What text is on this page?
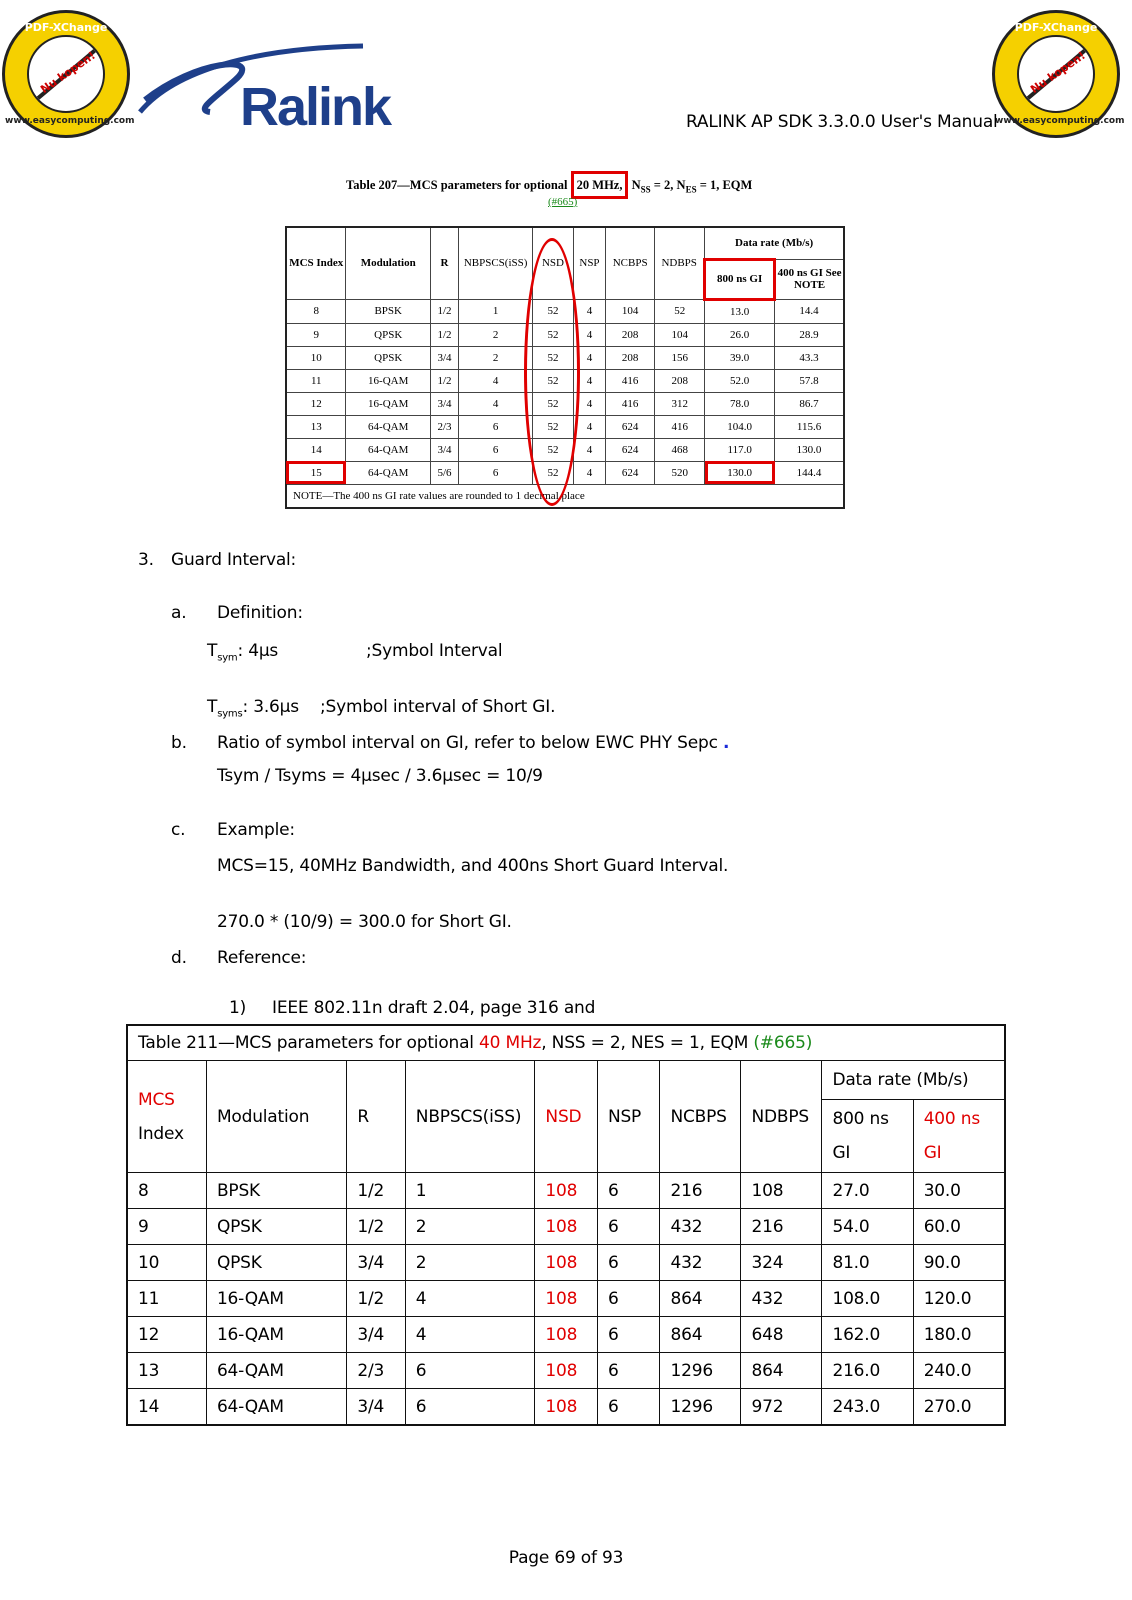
PDF-XChange
Nu kopen!
www.easycomputing.com
PDF-XChange
Nu kopen!
www.easycomputing.com
Ralink	RALINK AP SDK 3.3.0.0 User's Manual
Table 207—MCS parameters for optional 20 MHz, $N_{SS} = 2$, $N_{ES} = 1$, EQM
(#665)
MCS Index	Modulation	R	NBPSCS(iSS)	NSD	NSP	NCBPS	NDBPS	Data rate (Mb/s)	
								800 ns GI	400 ns GI See NOTE
8	BPSK	1/2	1	52	4	104	52	13.0	14.4
9	QPSK	1/2	2	52	4	208	104	26.0	28.9
10	QPSK	3/4	2	52	4	208	156	39.0	43.3
11	16-QAM	1/2	4	52	4	416	208	52.0	57.8
12	16-QAM	3/4	4	52	4	416	312	78.0	86.7
13	64-QAM	2/3	6	52	4	624	416	104.0	115.6
14	64-QAM	3/4	6	52	4	624	468	117.0	130.0
15	64-QAM	5/6	6	52	4	624	520	130.0	144.4
NOTE—The 400 ns GI rate values are rounded to 1 decimal place									
3. Guard Interval:
a. Definition:
$T_{sym}$: 4µs	;Symbol Interval
$T_{syms}$: 3.6µs ;Symbol interval of Short GI.
b. Ratio of symbol interval on GI, refer to below EWC PHY Sepc .
Tsym / Tsyms = 4µsec / 3.6µsec = 10/9
c. Example:
MCS=15, 40MHz Bandwidth, and 400ns Short Guard Interval.
270.0 * (10/9) = 300.0 for Short GI.
d. Reference:
1) IEEE 802.11n draft 2.04, page 316 and
Table 211—MCS parameters for optional 40 MHz, NSS = 2, NES = 1, EQM (#665)									
MCS
Index	Modulation	R	NBPSCS(iSS)	NSD	NSP	NCBPS	NDBPS	Data rate (Mb/s)	
								800 ns
GI	400 ns
GI
8	BPSK	1/2	1	108	6	216	108	27.0	30.0
9	QPSK	1/2	2	108	6	432	216	54.0	60.0
10	QPSK	3/4	2	108	6	432	324	81.0	90.0
11	16-QAM	1/2	4	108	6	864	432	108.0	120.0
12	16-QAM	3/4	4	108	6	864	648	162.0	180.0
13	64-QAM	2/3	6	108	6	1296	864	216.0	240.0
14	64-QAM	3/4	6	108	6	1296	972	243.0	270.0
Page 69 of 93
